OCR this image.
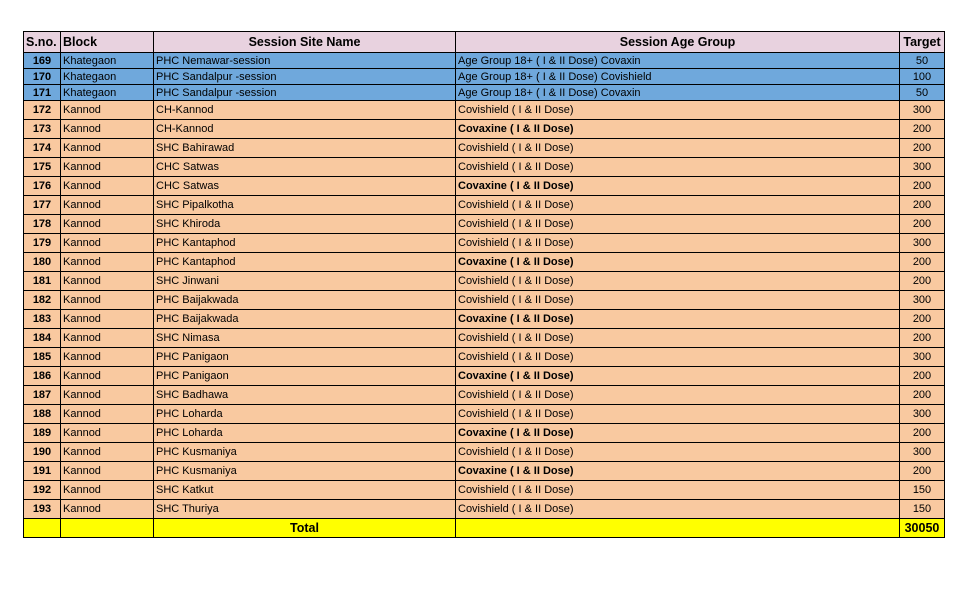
S.no.	Block	Session Site Name	Session Age Group	Target
169	Khategaon	PHC Nemawar-session	Age Group 18+ ( I & II Dose) Covaxin	50
170	Khategaon	PHC Sandalpur -session	Age Group 18+ ( I & II Dose) Covishield	100
171	Khategaon	PHC Sandalpur -session	Age Group 18+ ( I & II Dose) Covaxin	50
172	Kannod	CH-Kannod	Covishield ( I & II Dose)	300
173	Kannod	CH-Kannod	Covaxine ( I & II Dose)	200
174	Kannod	SHC Bahirawad	Covishield ( I & II Dose)	200
175	Kannod	CHC Satwas	Covishield ( I & II Dose)	300
176	Kannod	CHC Satwas	Covaxine ( I & II Dose)	200
177	Kannod	SHC Pipalkotha	Covishield ( I & II Dose)	200
178	Kannod	SHC Khiroda	Covishield ( I & II Dose)	200
179	Kannod	PHC Kantaphod	Covishield ( I & II Dose)	300
180	Kannod	PHC Kantaphod	Covaxine ( I & II Dose)	200
181	Kannod	SHC Jinwani	Covishield ( I & II Dose)	200
182	Kannod	PHC Baijakwada	Covishield ( I & II Dose)	300
183	Kannod	PHC Baijakwada	Covaxine ( I & II Dose)	200
184	Kannod	SHC Nimasa	Covishield ( I & II Dose)	200
185	Kannod	PHC Panigaon	Covishield ( I & II Dose)	300
186	Kannod	PHC Panigaon	Covaxine ( I & II Dose)	200
187	Kannod	SHC Badhawa	Covishield ( I & II Dose)	200
188	Kannod	PHC Loharda	Covishield ( I & II Dose)	300
189	Kannod	PHC Loharda	Covaxine ( I & II Dose)	200
190	Kannod	PHC Kusmaniya	Covishield ( I & II Dose)	300
191	Kannod	PHC Kusmaniya	Covaxine ( I & II Dose)	200
192	Kannod	SHC Katkut	Covishield ( I & II Dose)	150
193	Kannod	SHC Thuriya	Covishield ( I & II Dose)	150
		Total		30050
